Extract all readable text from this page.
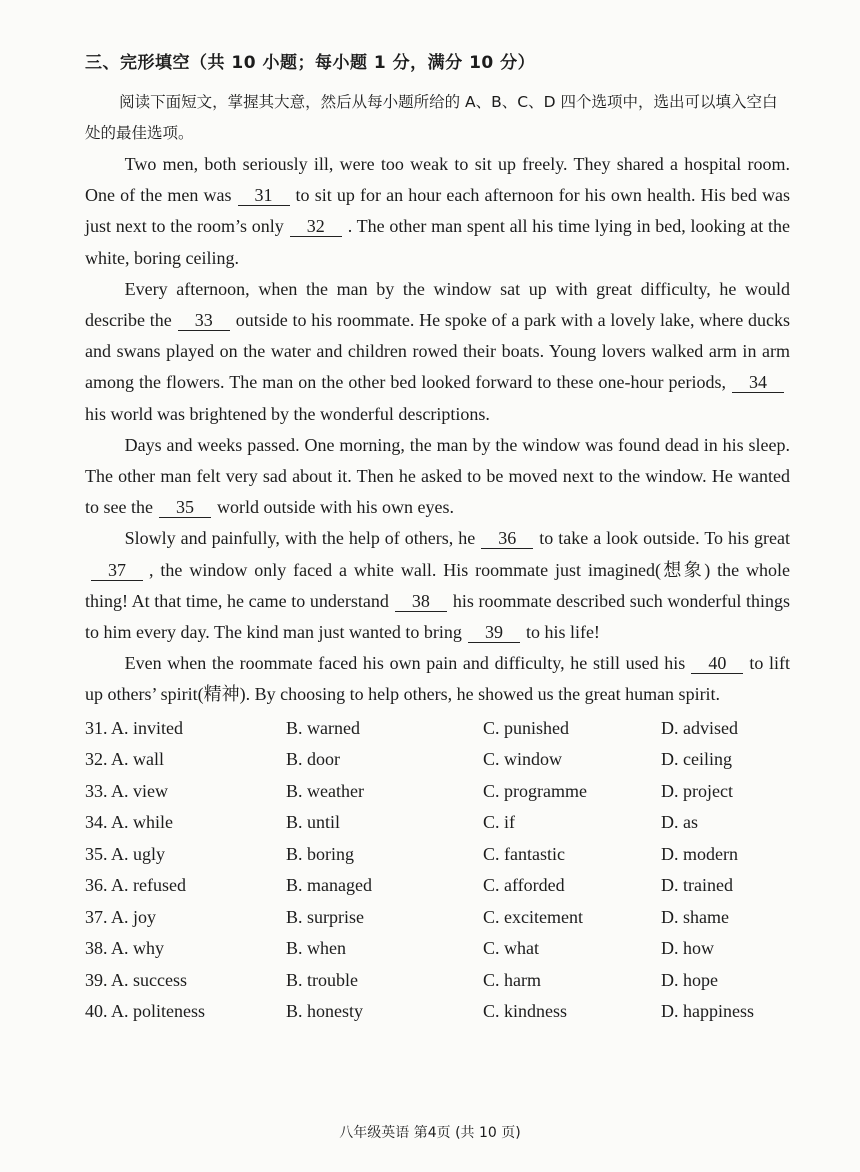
三、完形填空（共 10 小题；每小题 1 分，满分 10 分）

阅读下面短文，掌握其大意，然后从每小题所给的 A、B、C、D 四个选项中，选出可以填入空白处的最佳选项。

Two men, both seriously ill, were too weak to sit up freely. They shared a hospital room. One of the men was 31 to sit up for an hour each afternoon for his own health. His bed was just next to the room’s only 32 . The other man spent all his time lying in bed, looking at the white, boring ceiling.

Every afternoon, when the man by the window sat up with great difficulty, he would describe the 33 outside to his roommate. He spoke of a park with a lovely lake, where ducks and swans played on the water and children rowed their boats. Young lovers walked arm in arm among the flowers. The man on the other bed looked forward to these one-hour periods, 34his world was brightened by the wonderful descriptions.

Days and weeks passed. One morning, the man by the window was found dead in his sleep. The other man felt very sad about it. Then he asked to be moved next to the window. He wanted to see the 35 world outside with his own eyes.

Slowly and painfully, with the help of others, he 36 to take a look outside. To his great37 , the window only faced a white wall. His roommate just imagined(想象) the whole thing! At that time, he came to understand 38 his roommate described such wonderful things to him every day. The kind man just wanted to bring 39 to his life!

Even when the roommate faced his own pain and difficulty, he still used his 40 to lift up others’ spirit(精神). By choosing to help others, he showed us the great human spirit.

31. A. invited	B. warned	C. punished	D. advised
32. A. wall	B. door	C. window	D. ceiling
33. A. view	B. weather	C. programme	D. project
34. A. while	B. until	C. if	D. as
35. A. ugly	B. boring	C. fantastic	D. modern
36. A. refused	B. managed	C. afforded	D. trained
37. A. joy	B. surprise	C. excitement	D. shame
38. A. why	B. when	C. what	D. how
39. A. success	B. trouble	C. harm	D. hope
40. A. politeness	B. honesty	C. kindness	D. happiness
八年级英语 第4页 (共 10 页)
